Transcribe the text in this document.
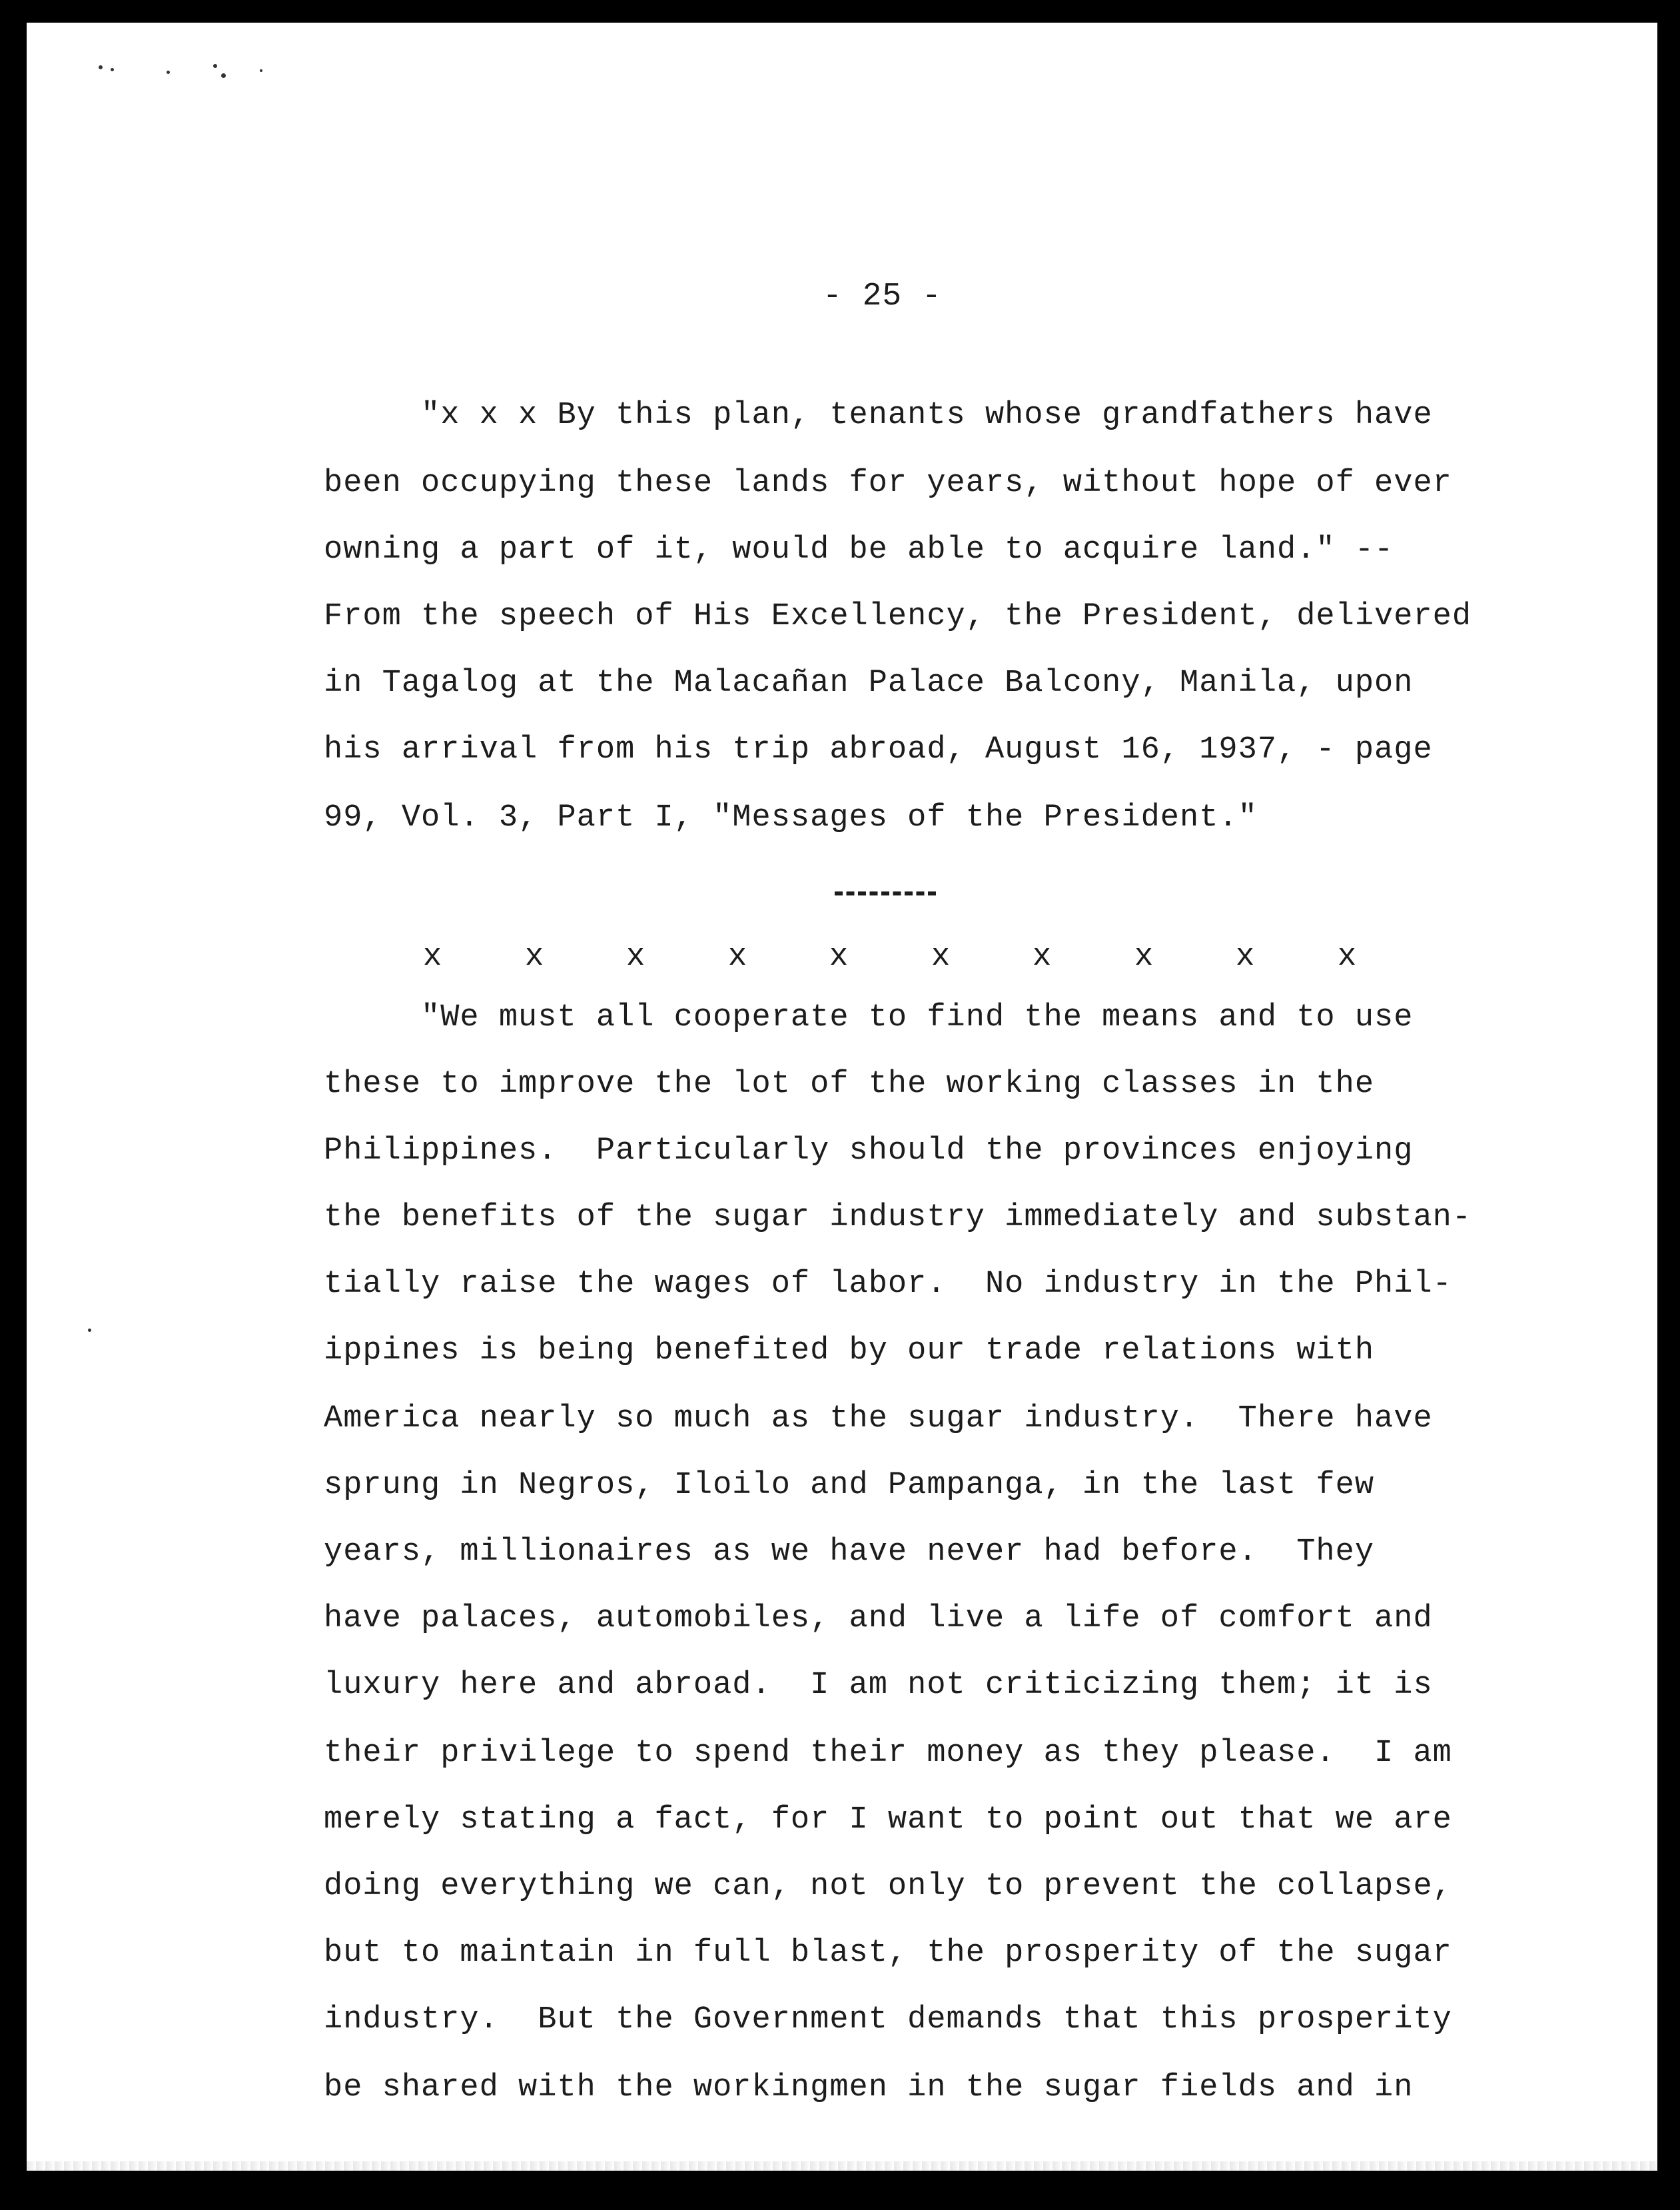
- 25 -

"x x x By this plan, tenants whose grandfathers have

been occupying these lands for years, without hope of ever

owning a part of it, would be able to acquire land." --

From the speech of His Excellency, the President, delivered

in Tagalog at the Malacañan Palace Balcony, Manila, upon

his arrival from his trip abroad, August 16, 1937, - page

99, Vol. 3, Part I, "Messages of the President."

x	x	x	x	x	x	x	x	x	x

"We must all cooperate to find the means and to use

these to improve the lot of the working classes in the

Philippines.  Particularly should the provinces enjoying

the benefits of the sugar industry immediately and substan-

tially raise the wages of labor.  No industry in the Phil-

ippines is being benefited by our trade relations with

America nearly so much as the sugar industry.  There have

sprung in Negros, Iloilo and Pampanga, in the last few

years, millionaires as we have never had before.  They

have palaces, automobiles, and live a life of comfort and

luxury here and abroad.  I am not criticizing them; it is

their privilege to spend their money as they please.  I am

merely stating a fact, for I want to point out that we are

doing everything we can, not only to prevent the collapse,

but to maintain in full blast, the prosperity of the sugar

industry.  But the Government demands that this prosperity

be shared with the workingmen in the sugar fields and in
